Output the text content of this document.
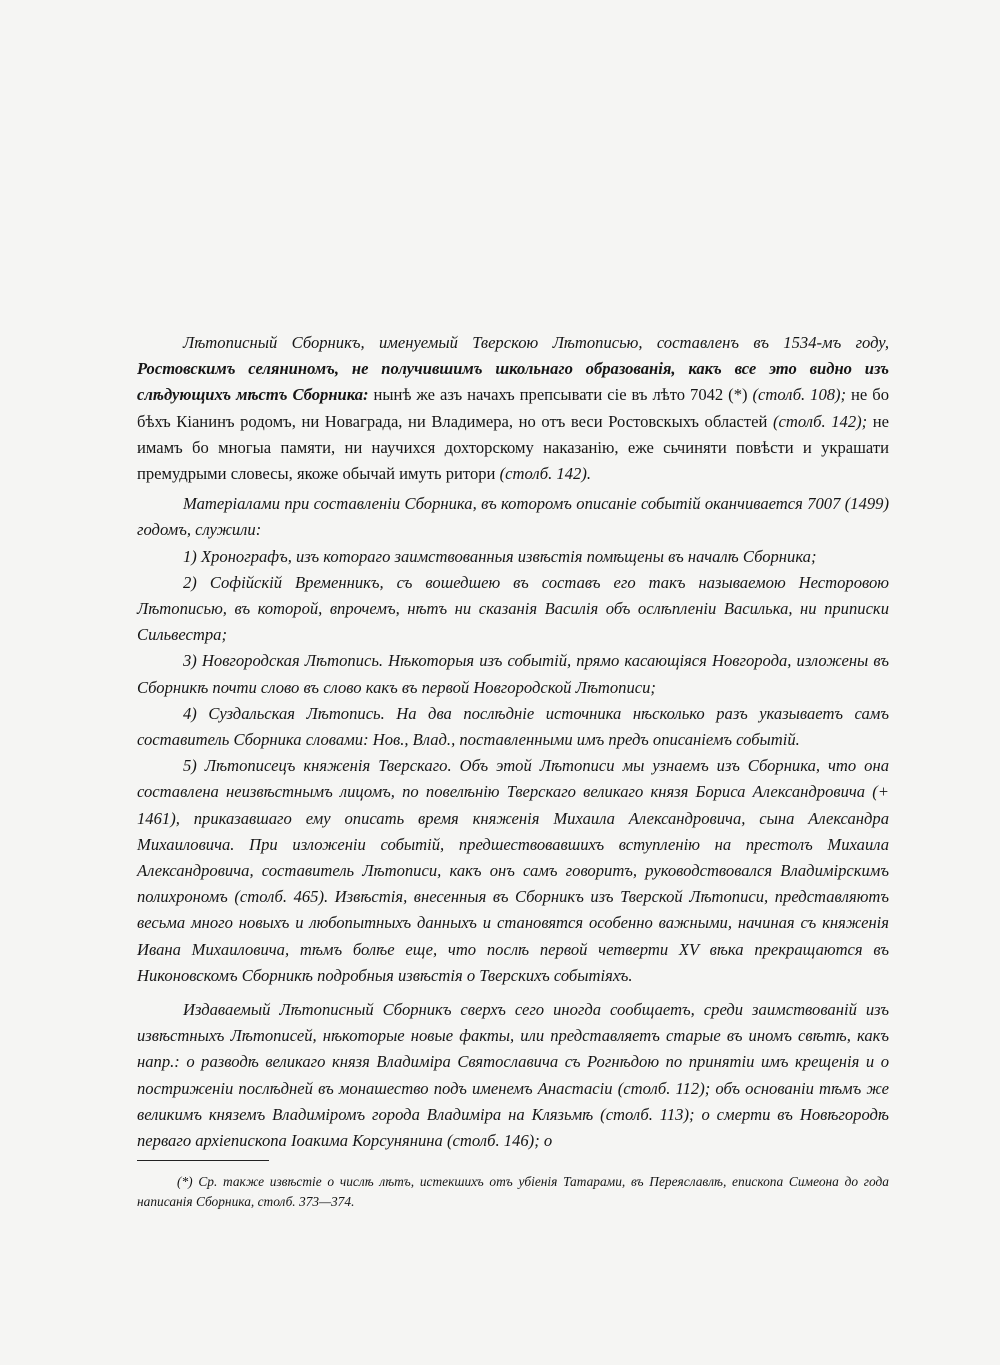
Лѣтописный Сборникъ, именуемый Тверскою Лѣтописью, составленъ въ 1534-мъ году, Ростовскимъ селяниномъ, не получившимъ школьнаго образованія, какъ все это видно изъ слѣдующихъ мѣстъ Сборника: нынѣ же азъ начахъ препсывати сіе въ лѣто 7042 (*) (столб. 108); не бо бѣхъ Кіанинъ родомъ, ни Новаграда, ни Владимера, но отъ веси Ростовскыхъ областей (столб. 142); не имамъ бо многыа памяти, ни научихся дохторскому наказанію, еже сьчиняти повѣсти и украшати премудрыми словесы, якоже обычай имуть ритори (столб. 142).

Матеріалами при составленіи Сборника, въ которомъ описаніе событій оканчивается 7007 (1499) годомъ, служили:

1) Хронографъ, изъ котораго заимствованныя извѣстія помѣщены въ началѣ Сборника;

2) Софійскій Временникъ, съ вошедшею въ составъ его такъ называемою Несторовою Лѣтописью, въ которой, впрочемъ, нѣтъ ни сказанія Василія объ ослѣпленіи Василька, ни приписки Сильвестра;

3) Новгородская Лѣтопись. Нѣкоторыя изъ событій, прямо касающіяся Новгорода, изложены въ Сборникѣ почти слово въ слово какъ въ первой Новгородской Лѣтописи;

4) Суздальская Лѣтопись. На два послѣдніе источника нѣсколько разъ указываетъ самъ составитель Сборника словами: Нов., Влад., поставленными имъ предъ описаніемъ событій.

5) Лѣтописецъ княженія Тверскаго. Объ этой Лѣтописи мы узнаемъ изъ Сборника, что она составлена неизвѣстнымъ лицомъ, по повелѣнію Тверскаго великаго князя Бориса Александровича (+ 1461), приказавшаго ему описать время княженія Михаила Александровича, сына Александра Михаиловича. При изложеніи событій, предшествовавшихъ вступленію на престолъ Михаила Александровича, составитель Лѣтописи, какъ онъ самъ говоритъ, руководствовался Владимірскимъ полихрономъ (столб. 465). Извѣстія, внесенныя въ Сборникъ изъ Тверской Лѣтописи, представляютъ весьма много новыхъ и любопытныхъ данныхъ и становятся особенно важными, начиная съ княженія Ивана Михаиловича, тѣмъ болѣе еще, что послѣ первой четверти XV вѣка прекращаются въ Никоновскомъ Сборникѣ подробныя извѣстія о Тверскихъ событіяхъ.

Издаваемый Лѣтописный Сборникъ сверхъ сего иногда сообщаетъ, среди заимствованій изъ извѣстныхъ Лѣтописей, нѣкоторые новые факты, или представляетъ старые въ иномъ свѣтѣ, какъ напр.: о разводѣ великаго князя Владиміра Святославича съ Рогнѣдою по принятіи имъ крещенія и о постриженіи послѣдней въ монашество подъ именемъ Анастасіи (столб. 112); объ основаніи тѣмъ же великимъ княземъ Владиміромъ города Владиміра на Клязьмѣ (столб. 113); о смерти въ Новѣгородѣ перваго архіепископа Іоакима Корсунянина (столб. 146); о

(*) Ср. также извѣстіе о числѣ лѣтъ, истекшихъ отъ убіенія Татарами, въ Переяславлѣ, епископа Симеона до года написанія Сборника, столб. 373—374.
